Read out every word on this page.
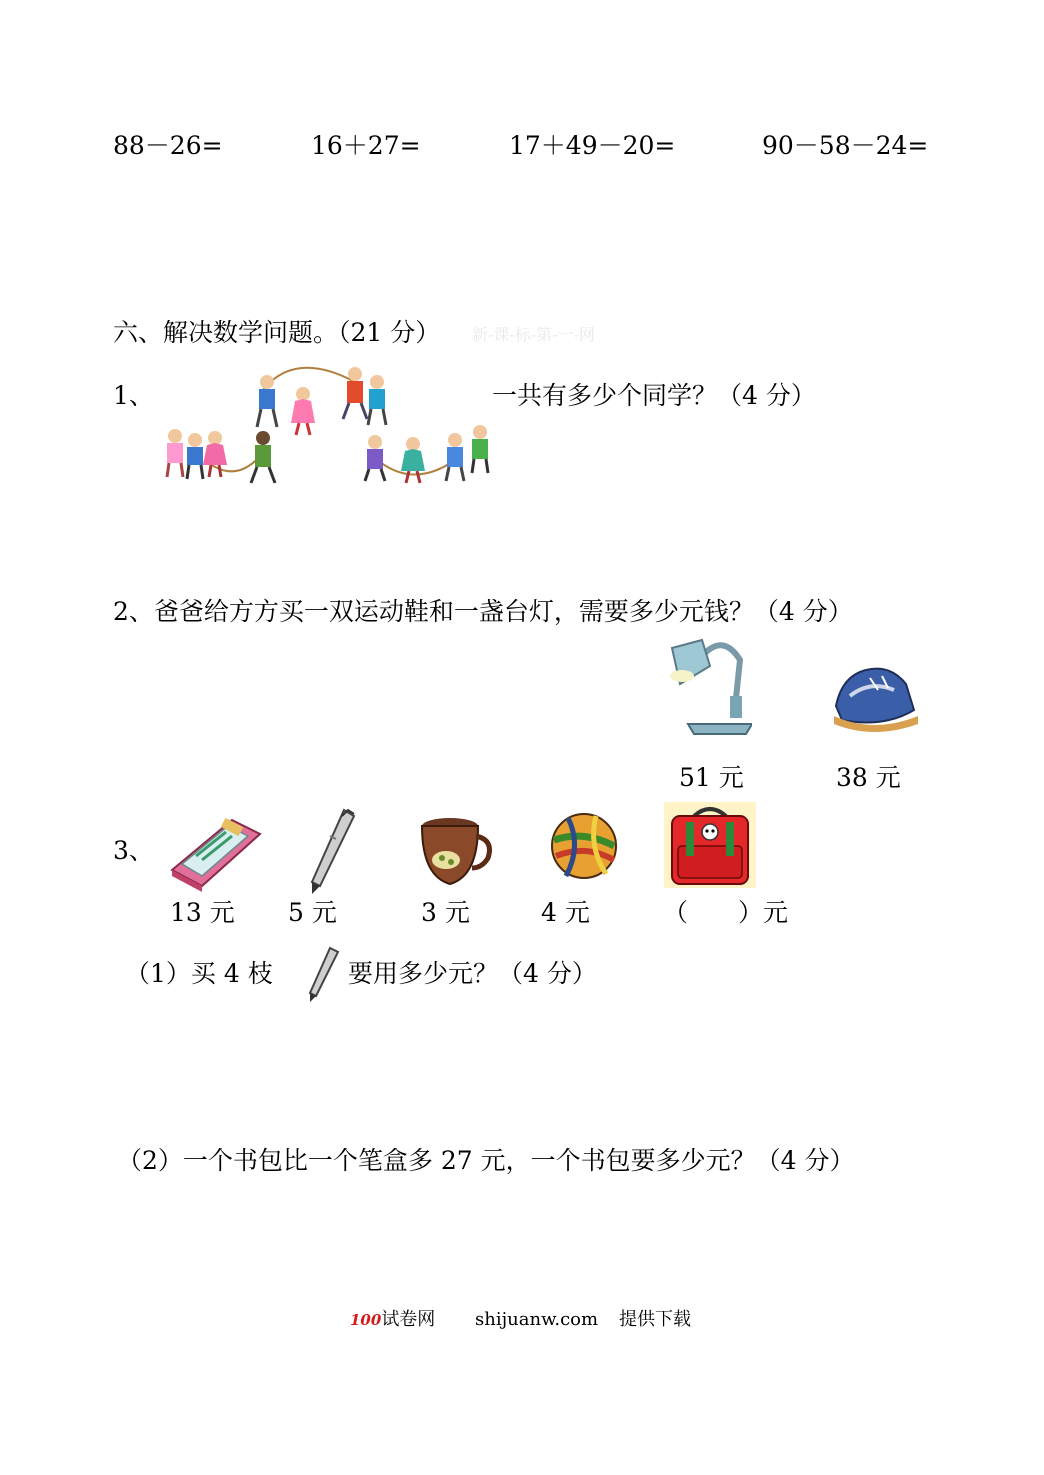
88－26=	16＋27=	17＋49－20=	90－58－24=
六、解决数学问题。（21 分） 新-课-标-第-一-网
1、	一共有多少个同学？（4 分）
2、爸爸给方方买一双运动鞋和一盏台灯，需要多少元钱？（4 分）
51 元	38 元
3、
13 元 5 元	3 元	4 元	（　　）元
（1）买 4 枝	要用多少元？（4 分）
（2）一个书包比一个笔盒多 27 元，一个书包要多少元？（4 分）
100试卷网 shijuanw.com 提供下载
